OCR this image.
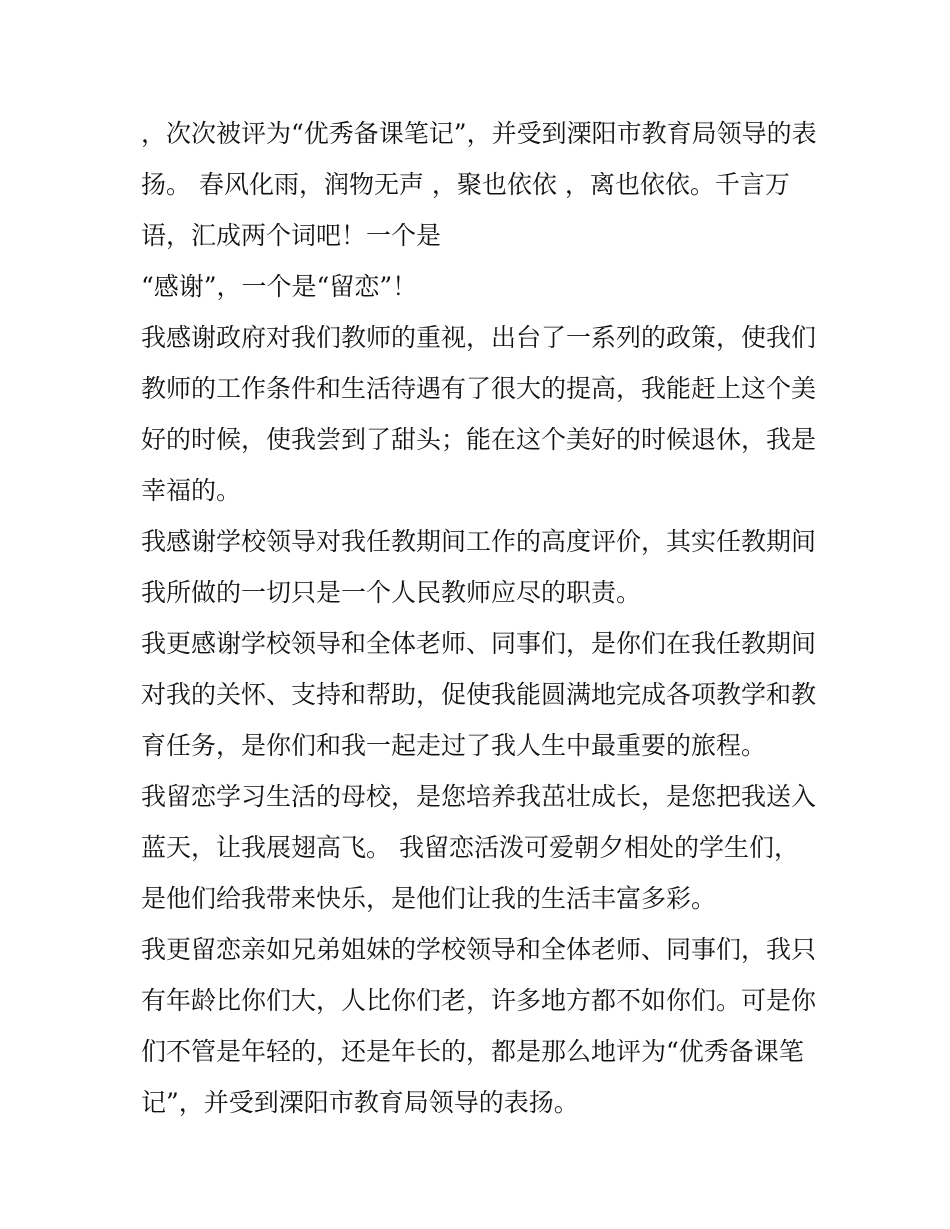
，次次被评为“优秀备课笔记”，并受到溧阳市教育局领导的表
扬。 春风化雨，润物无声 ，聚也依依 ，离也依依。千言万
语，汇成两个词吧！一个是
“感谢”，一个是“留恋”！
我感谢政府对我们教师的重视，出台了一系列的政策，使我们
教师的工作条件和生活待遇有了很大的提高，我能赶上这个美
好的时候，使我尝到了甜头；能在这个美好的时候退休，我是
幸福的。
我感谢学校领导对我任教期间工作的高度评价，其实任教期间
我所做的一切只是一个人民教师应尽的职责。
我更感谢学校领导和全体老师、同事们，是你们在我任教期间
对我的关怀、支持和帮助，促使我能圆满地完成各项教学和教
育任务，是你们和我一起走过了我人生中最重要的旅程。
我留恋学习生活的母校，是您培养我茁壮成长，是您把我送入
蓝天，让我展翅高飞。 我留恋活泼可爱朝夕相处的学生们，
是他们给我带来快乐，是他们让我的生活丰富多彩。
我更留恋亲如兄弟姐妹的学校领导和全体老师、同事们，我只
有年龄比你们大，人比你们老，许多地方都不如你们。可是你
们不管是年轻的，还是年长的，都是那么地评为“优秀备课笔
记”，并受到溧阳市教育局领导的表扬。
